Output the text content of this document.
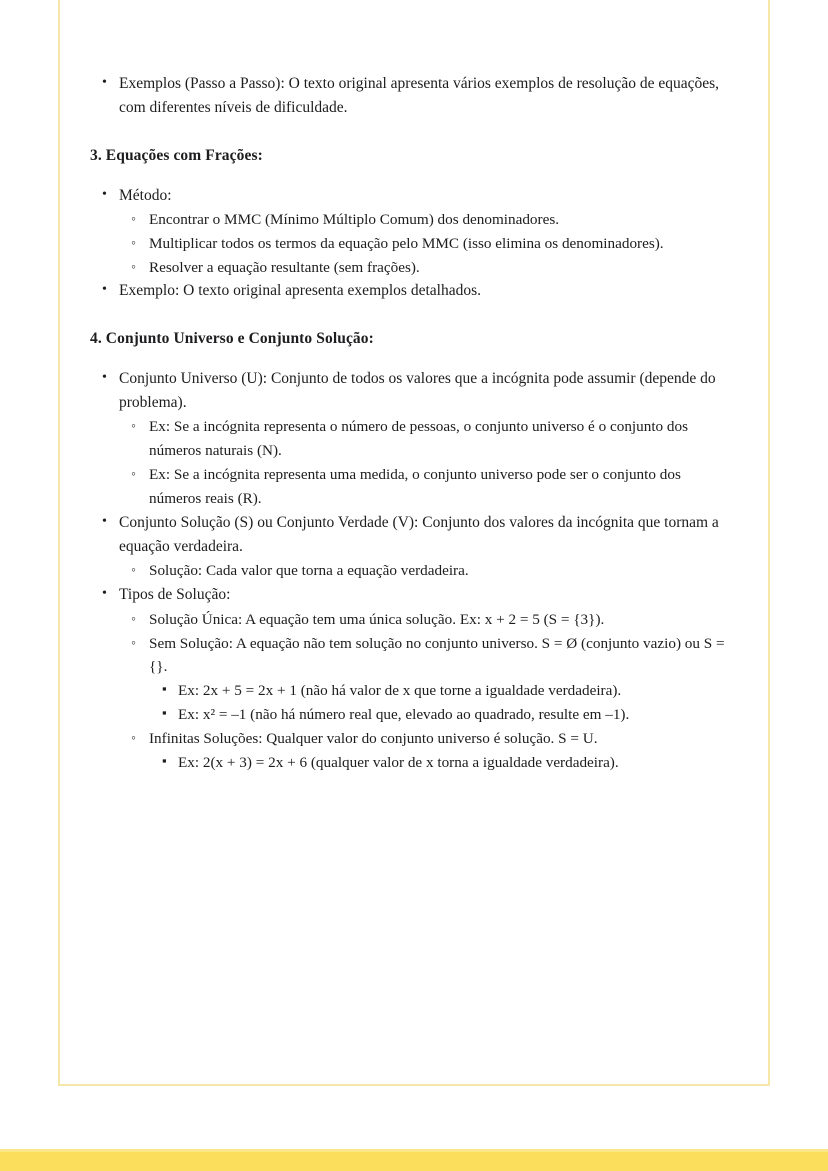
• Exemplos (Passo a Passo): O texto original apresenta vários exemplos de resolução de equações, com diferentes níveis de dificuldade.
3. Equações com Frações:
• Método:
◦ Encontrar o MMC (Mínimo Múltiplo Comum) dos denominadores.
◦ Multiplicar todos os termos da equação pelo MMC (isso elimina os denominadores).
◦ Resolver a equação resultante (sem frações).
• Exemplo: O texto original apresenta exemplos detalhados.
4. Conjunto Universo e Conjunto Solução:
• Conjunto Universo (U): Conjunto de todos os valores que a incógnita pode assumir (depende do problema).
◦ Ex: Se a incógnita representa o número de pessoas, o conjunto universo é o conjunto dos números naturais (N).
◦ Ex: Se a incógnita representa uma medida, o conjunto universo pode ser o conjunto dos números reais (R).
• Conjunto Solução (S) ou Conjunto Verdade (V): Conjunto dos valores da incógnita que tornam a equação verdadeira.
◦ Solução: Cada valor que torna a equação verdadeira.
• Tipos de Solução:
◦ Solução Única: A equação tem uma única solução. Ex: x + 2 = 5 (S = {3}).
◦ Sem Solução: A equação não tem solução no conjunto universo. S = Ø (conjunto vazio) ou S = {}.
▪ Ex: 2x + 5 = 2x + 1 (não há valor de x que torne a igualdade verdadeira).
▪ Ex: x² = –1 (não há número real que, elevado ao quadrado, resulte em –1).
◦ Infinitas Soluções: Qualquer valor do conjunto universo é solução. S = U.
▪ Ex: 2(x + 3) = 2x + 6 (qualquer valor de x torna a igualdade verdadeira).
